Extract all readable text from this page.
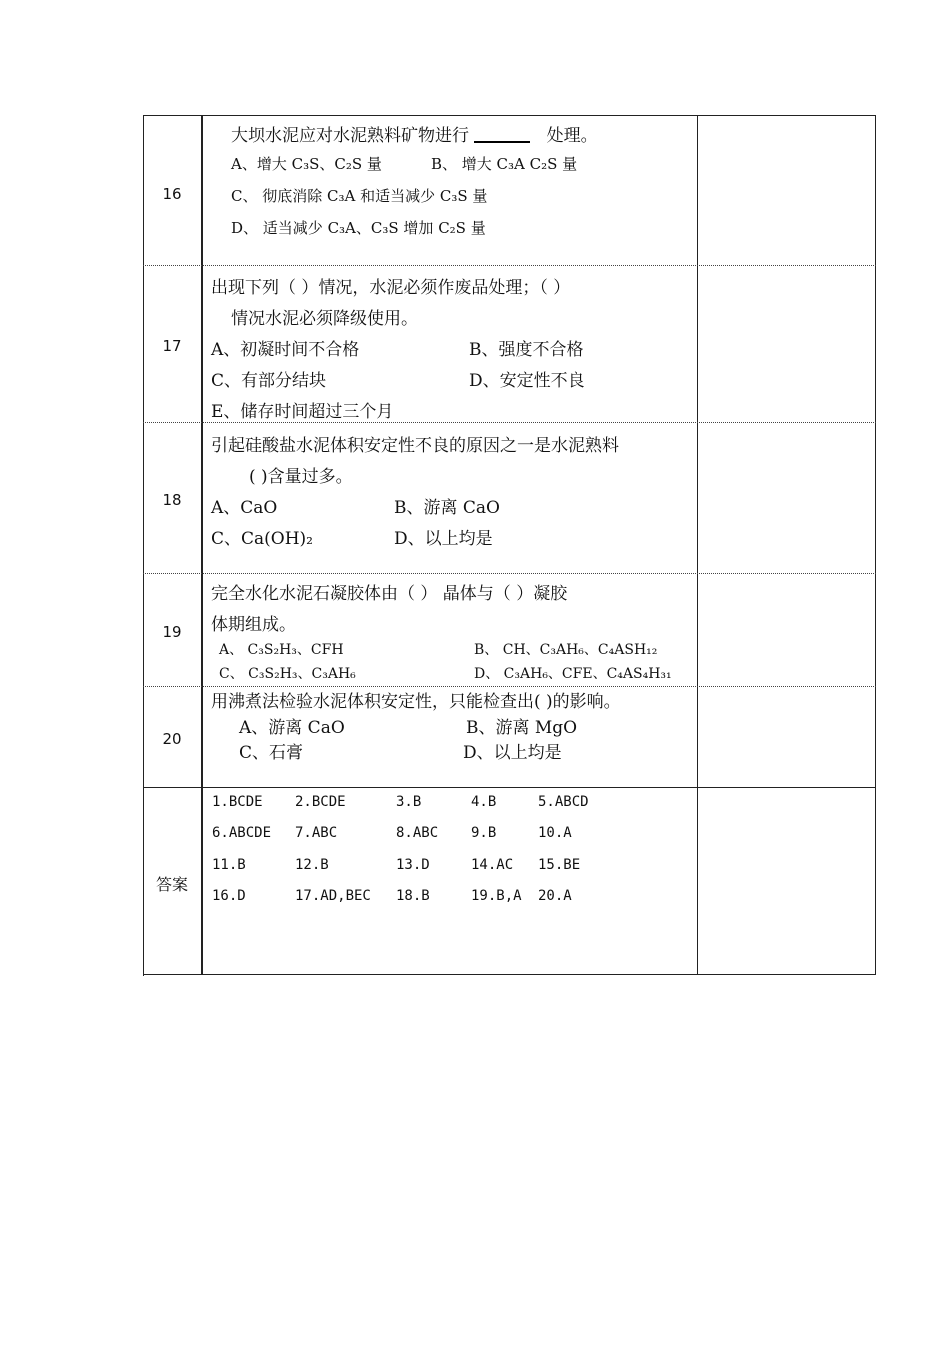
16
大坝水泥应对水泥熟料矿物进行	处理。
A、增大 C₃S、C₂S 量	B、 增大 C₃A C₂S 量
C、 彻底消除 C₃A 和适当减少 C₃S 量
D、 适当减少 C₃A、C₃S 增加 C₂S 量
17
出现下列（ ）情况，水泥必须作废品处理；（ ）
情况水泥必须降级使用。
A、初凝时间不合格	B、强度不合格
C、有部分结块	D、安定性不良
E、储存时间超过三个月
18
引起硅酸盐水泥体积安定性不良的原因之一是水泥熟料
( )含量过多。
A、CaO	B、游离 CaO
C、Ca(OH)₂	D、以上均是
19
完全水化水泥石凝胶体由（ ） 晶体与（ ）凝胶
体期组成。
A、 C₃S₂H₃、CFH	B、 CH、C₃AH₆、C₄ASH₁₂
C、 C₃S₂H₃、C₃AH₆	D、 C₃AH₆、CFE、C₄AS₄H₃₁
20
用沸煮法检验水泥体积安定性，只能检查出( )的影响。
A、游离 CaO	B、游离 MgO
C、石膏	D、以上均是
答案
1.BCDE 2.BCDE	3.B	4.B	5.ABCD
6.ABCDE 7.ABC	8.ABC 9.B	10.A
11.B	12.B	13.D	14.AC 15.BE
16.D	17.AD,BEC 18.B	19.B,A 20.A
